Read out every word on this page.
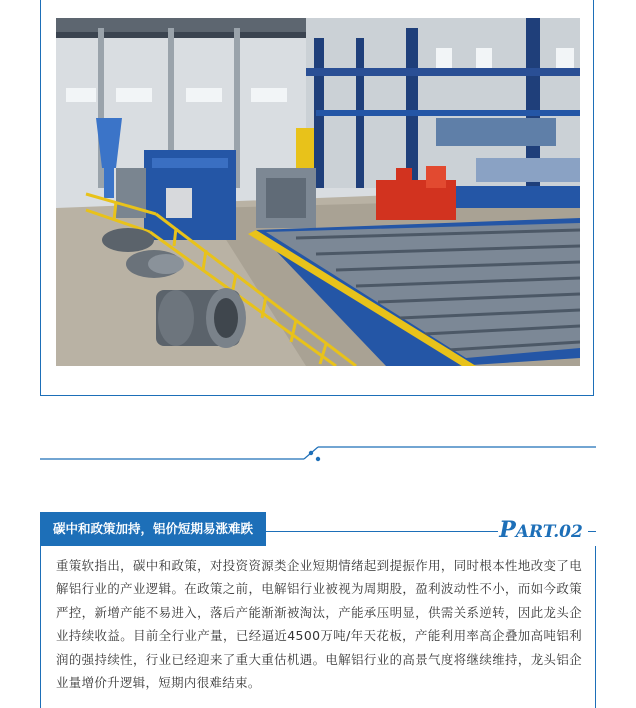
碳中和政策加持，铝价短期易涨难跌	PART.02

重策软指出，碳中和政策，对投资资源类企业短期情绪起到提振作用，同时根本性地改变了电解铝行业的产业逻辑。在政策之前，电解铝行业被视为周期股，盈利波动性不小，而如今政策严控，新增产能不易进入，落后产能渐渐被淘汰，产能承压明显，供需关系逆转，因此龙头企业持续收益。目前全行业产量，已经逼近4500万吨/年天花板，产能利用率高企叠加高吨铝利润的强持续性，行业已经迎来了重大重估机遇。电解铝行业的高景气度将继续维持，龙头铝企业量增价升逻辑，短期内很难结束。
